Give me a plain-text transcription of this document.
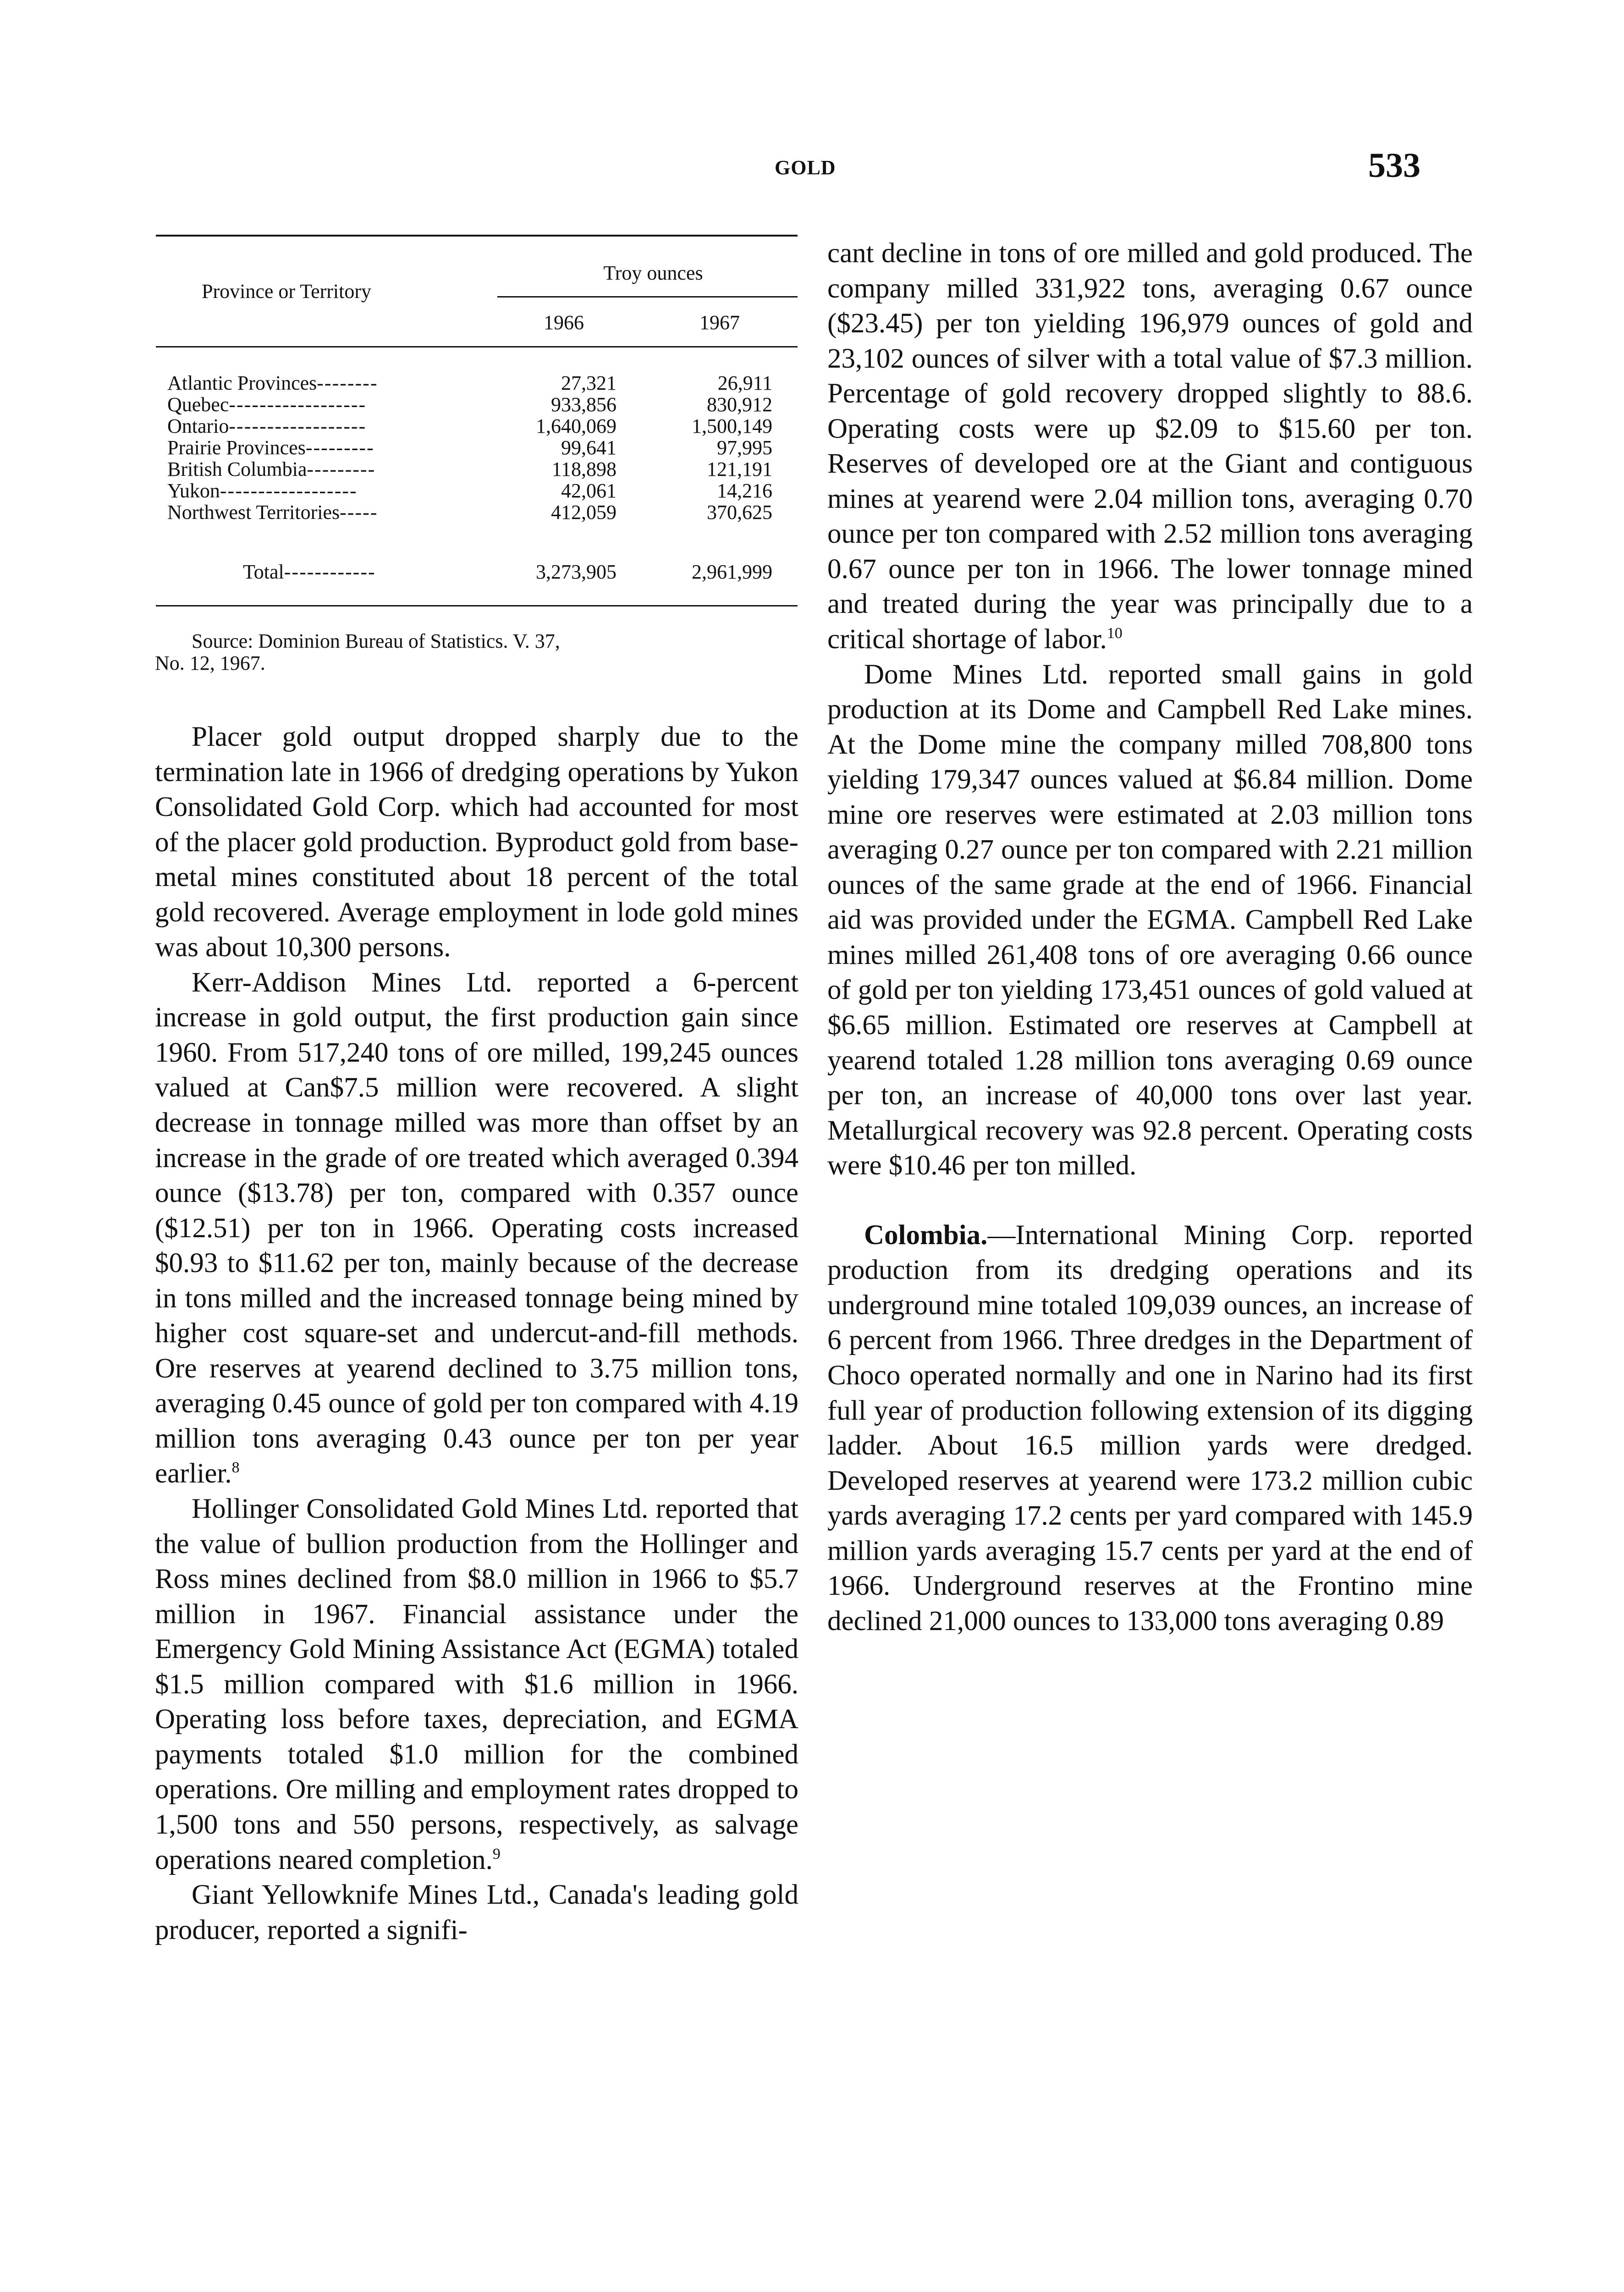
GOLD	533
Province or Territory
Troy ounces
1966	1967
Atlantic Provinces--------	27,321	26,911
Quebec------------------	933,856	830,912
Ontario------------------	1,640,069	1,500,149
Prairie Provinces---------	99,641	97,995
British Columbia---------	118,898	121,191
Yukon------------------	42,061	14,216
Northwest Territories-----	412,059	370,625
Total------------	3,273,905	2,961,999
Source: Dominion Bureau of Statistics. V. 37,
No. 12, 1967.

Placer gold output dropped sharply due to the termination late in 1966 of dredging operations by Yukon Consolidated Gold Corp. which had accounted for most of the placer gold production. Byproduct gold from base-metal mines constituted about 18 percent of the total gold recovered. Average employment in lode gold mines was about 10,300 persons.

Kerr-Addison Mines Ltd. reported a 6-percent increase in gold output, the first production gain since 1960. From 517,240 tons of ore milled, 199,245 ounces valued at Can$7.5 million were recovered. A slight decrease in tonnage milled was more than offset by an increase in the grade of ore treated which averaged 0.394 ounce ($13.78) per ton, compared with 0.357 ounce ($12.51) per ton in 1966. Operating costs increased $0.93 to $11.62 per ton, mainly because of the decrease in tons milled and the increased tonnage being mined by higher cost square-set and undercut-and-fill methods. Ore reserves at yearend declined to 3.75 million tons, averaging 0.45 ounce of gold per ton compared with 4.19 million tons averaging 0.43 ounce per ton per year earlier.$^8$

Hollinger Consolidated Gold Mines Ltd. reported that the value of bullion production from the Hollinger and Ross mines declined from $8.0 million in 1966 to $5.7 million in 1967. Financial assistance under the Emergency Gold Mining Assistance Act (EGMA) totaled $1.5 million compared with $1.6 million in 1966. Operating loss before taxes, depreciation, and EGMA payments totaled $1.0 million for the combined operations. Ore milling and employment rates dropped to 1,500 tons and 550 persons, respectively, as salvage operations neared completion.$^9$

Giant Yellowknife Mines Ltd., Canada's leading gold producer, reported a signifi-

cant decline in tons of ore milled and gold produced. The company milled 331,922 tons, averaging 0.67 ounce ($23.45) per ton yielding 196,979 ounces of gold and 23,102 ounces of silver with a total value of $7.3 million. Percentage of gold recovery dropped slightly to 88.6. Operating costs were up $2.09 to $15.60 per ton. Reserves of developed ore at the Giant and contiguous mines at yearend were 2.04 million tons, averaging 0.70 ounce per ton compared with 2.52 million tons averaging 0.67 ounce per ton in 1966. The lower tonnage mined and treated during the year was principally due to a critical shortage of labor.$^{10}$

Dome Mines Ltd. reported small gains in gold production at its Dome and Campbell Red Lake mines. At the Dome mine the company milled 708,800 tons yielding 179,347 ounces valued at $6.84 million. Dome mine ore reserves were estimated at 2.03 million tons averaging 0.27 ounce per ton compared with 2.21 million ounces of the same grade at the end of 1966. Financial aid was provided under the EGMA. Campbell Red Lake mines milled 261,408 tons of ore averaging 0.66 ounce of gold per ton yielding 173,451 ounces of gold valued at $6.65 million. Estimated ore reserves at Campbell at yearend totaled 1.28 million tons averaging 0.69 ounce per ton, an increase of 40,000 tons over last year. Metallurgical recovery was 92.8 percent. Operating costs were $10.46 per ton milled.

Colombia.—International Mining Corp. reported production from its dredging operations and its underground mine totaled 109,039 ounces, an increase of 6 percent from 1966. Three dredges in the Department of Choco operated normally and one in Narino had its first full year of production following extension of its digging ladder. About 16.5 million yards were dredged. Developed reserves at yearend were 173.2 million cubic yards averaging 17.2 cents per yard compared with 145.9 million yards averaging 15.7 cents per yard at the end of 1966. Underground reserves at the Frontino mine declined 21,000 ounces to 133,000 tons averaging 0.89
